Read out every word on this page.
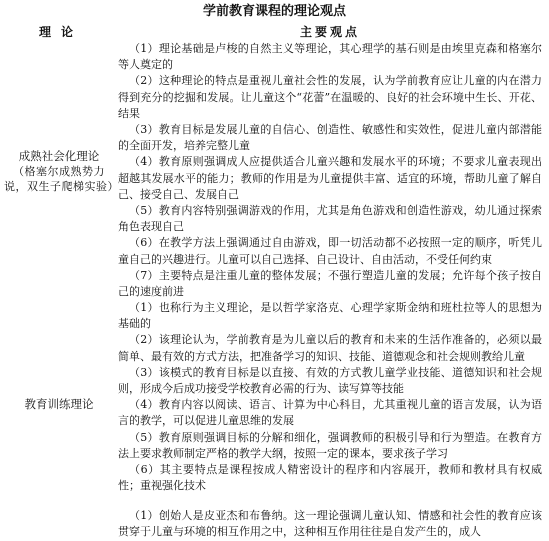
学前教育课程的理论观点
理论	主要观点
成熟社会化理论
（格塞尔成熟势力说，双生子爬梯实验）

（1）理论基础是卢梭的自然主义等理论，其心理学的基石则是由埃里克森和格塞尔等人奠定的

（2）这种理论的特点是重视儿童社会性的发展，认为学前教育应让儿童的内在潜力得到充分的挖掘和发展。让儿童这个“花蕾”在温暖的、良好的社会环境中生长、开花、结果

（3）教育目标是发展儿童的自信心、创造性、敏感性和实效性，促进儿童内部潜能的全面开发，培养完整儿童

（4）教育原则强调成人应提供适合儿童兴趣和发展水平的环境；不要求儿童表现出超越其发展水平的能力；教师的作用是为儿童提供丰富、适宜的环境，帮助儿童了解自己、接受自己、发展自己

（5）教育内容特别强调游戏的作用，尤其是角色游戏和创造性游戏，幼儿通过探索角色表现自己

（6）在教学方法上强调通过自由游戏，即一切活动都不必按照一定的顺序，听凭儿童自己的兴趣进行。儿童可以自己选择、自己设计、自由活动，不受任何约束

（7）主要特点是注重儿童的整体发展；不强行塑造儿童的发展；允许每个孩子按自己的速度前进

教育训练理论

（1）也称行为主义理论，是以哲学家洛克、心理学家斯金纳和班杜拉等人的思想为基础的

（2）该理论认为，学前教育是为儿童以后的教育和未来的生活作准备的，必须以最简单、最有效的方式方法，把准备学习的知识、技能、道德观念和社会规则教给儿童

（3）该模式的教育目标是以直接、有效的方式教儿童学业技能、道德知识和社会规则，形成今后成功接受学校教育必需的行为、读写算等技能

（4）教育内容以阅读、语言、计算为中心科目，尤其重视儿童的语言发展，认为语言的教学，可以促进儿童思维的发展

（5）教育原则强调目标的分解和细化，强调教师的积极引导和行为塑造。在教育方法上要求教师制定严格的教学大纲，按照一定的课本，要求孩子学习

（6）其主要特点是课程按成人精密设计的程序和内容展开，教师和教材具有权威性；重视强化技术

（1）创始人是皮亚杰和布鲁纳。这一理论强调儿童认知、情感和社会性的教育应该贯穿于儿童与环境的相互作用之中，这种相互作用往往是自发产生的，成人
